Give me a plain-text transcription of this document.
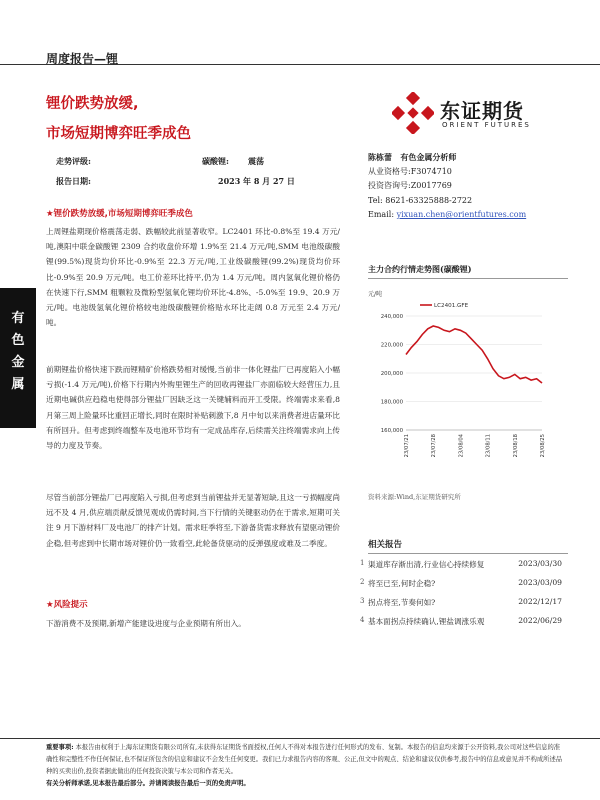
周度报告—锂
锂价跌势放缓,
市场短期博弈旺季成色
东证期货
ORIENT FUTURES
走势评级:	碳酸锂: 震荡
报告日期:	2023 年 8 月 27 日
陈栋蕾 有色金属分析师
从业资格号:F3074710
投资咨询号:Z0017769
Tel: 8621-63325888-2722
Email: yixuan.chen@orientfutures.com
有
色
金
属
★锂价跌势放缓,市场短期博弈旺季成色
上周锂盐期现价格震荡走弱、跌幅较此前显著收窄。LC2401 环比-0.8%至 19.4 万元/吨,澳阳中联金碳酸锂 2309 合约收盘价环增 1.9%至 21.4 万元/吨,SMM 电池级碳酸锂(99.5%)现货均价环比-0.9%至 22.3 万元/吨,工业级碳酸锂(99.2%)现货均价环比-0.9%至 20.9 万元/吨。电工价差环比持平,仍为 1.4 万元/吨。周内氢氧化锂价格仍在快速下行,SMM 粗颗粒及微粉型氢氧化锂均价环比-4.8%、-5.0%至 19.9、20.9 万元/吨。电池级氢氧化锂价格较电池级碳酸锂价格贴水环比走阔 0.8 万元至 2.4 万元/吨。
前期锂盐价格快速下跌而锂精矿价格跌势相对缓慢,当前非一体化锂盐厂已再度陷入小幅亏损(-1.4 万元/吨),价格下行期内外购里锂生产的回收再锂盐厂亦面临较大经营压力,且近期电碱供应趋稳电使得部分锂盐厂因缺乏这一关键辅料而开工受限。终端需求来看,8 月第三周上险量环比重回正增长,同时在限时补贴刺激下,8 月中旬以来消费者进店量环比有所回升。但考虑到终端整车及电池环节均有一定成品库存,后续需关注终端需求向上传导的力度及节奏。
尽管当前部分锂盐厂已再度陷入亏损,但考虑到当前锂盐并无显著短缺,且这一亏损幅度尚远不及 4 月,供应端贡献反馈见观成仍需时间,当下行情的关键驱动仍在于需求,短期可关注 9 月下游材料厂及电池厂的排产计划。需求旺季将至,下游备货需求释放有望驱动锂价企稳,但考虑到中长期市场对锂价仍一致看空,此轮备货驱动的反弹强度或难及二季度。
★风险提示
下游消费不及预期,新增产能建设进度与企业预期有所出入。
主力合约行情走势图(碳酸锂)
元/吨
LC2401.GFE
240,000
220,000
200,000
180,000
160,000
23/07/21	23/07/28	23/08/04	23/08/11	23/08/18	23/08/25
资料来源:Wind,东证期货研究所
相关报告
1 渠道库存渐出清,行业信心持续修复	2023/03/30
2 将至已至,何时企稳?	2023/03/09
3 拐点将至,节奏何如?	2022/12/17
4 基本面拐点持续确认,锂盐调涨乐观	2022/06/29
重要事项: 本报告由权利于上海东证期货有限公司所有,未获得东证期货书面授权,任何人不得对本报告进行任何形式的发布、复制。本报告的信息均来源于公开资料,我公司对这些信息的准确性和完整性不作任何保证,也不保证所包含的信息和建议不会发生任何变更。我们已力求报告内容的客观、公正,但文中的观点、结论和建议仅供参考,报告中的信息或意见并不构成所述品种的买卖出价,投资者据此做出的任何投资决策与本公司和作者无关。
有关分析师承诺,见本报告最后部分。并请阅读报告最后一页的免责声明。
